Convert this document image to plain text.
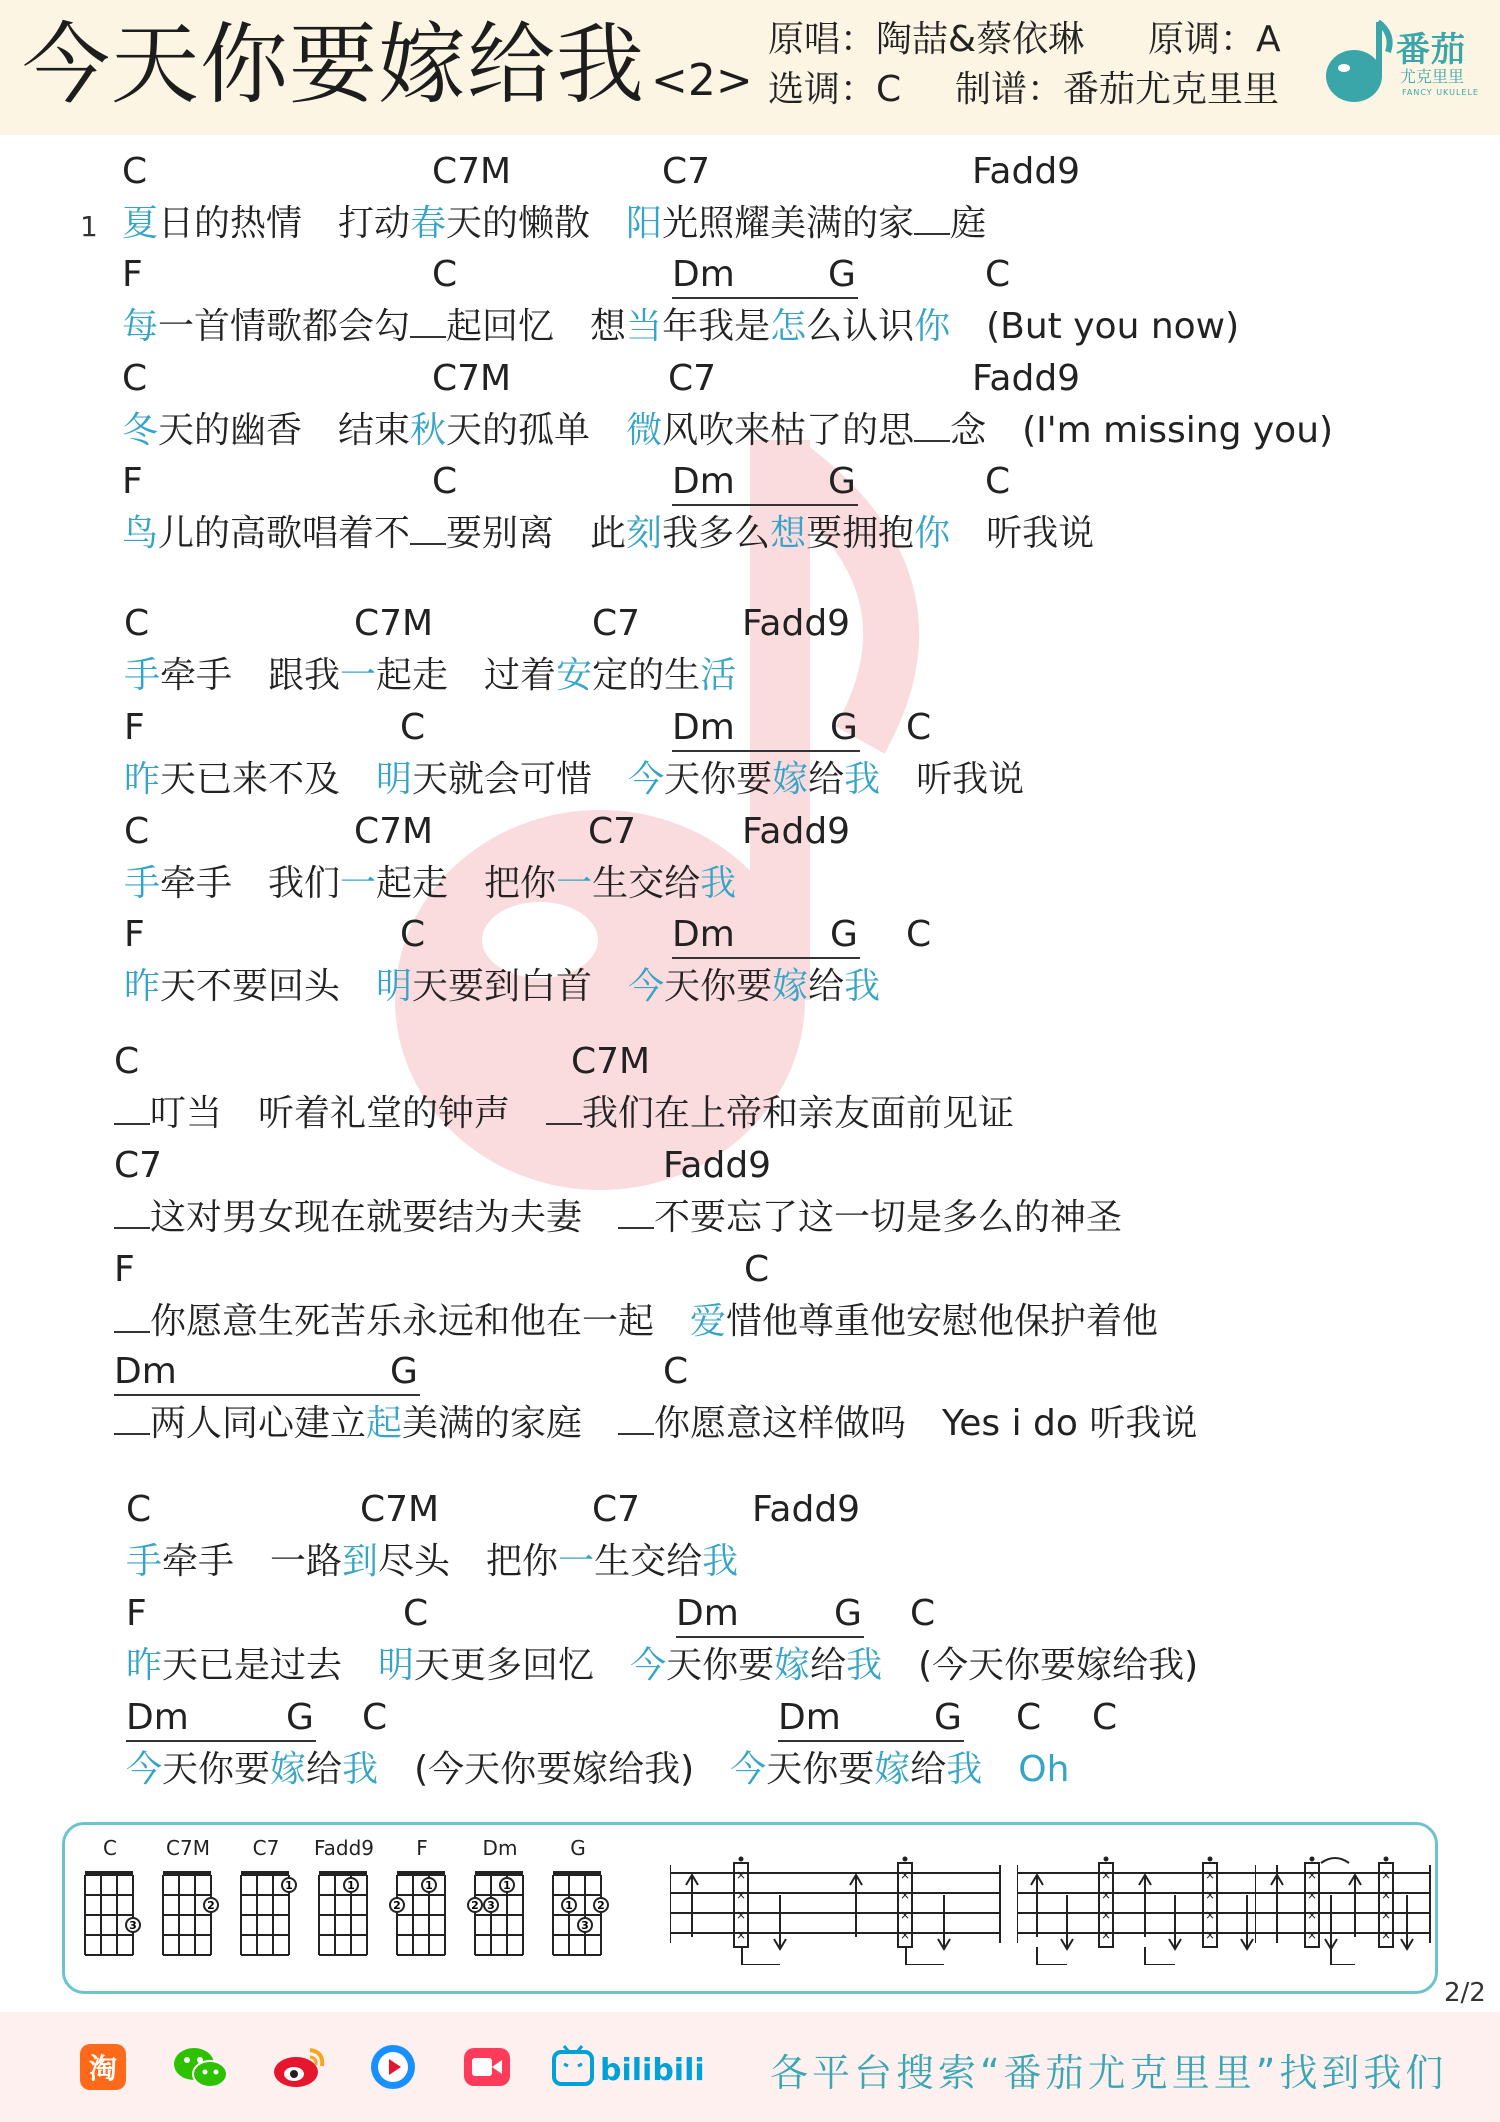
今天你要嫁给我 <2>
原唱：陶喆&蔡依琳 原调：A
选调：C 制谱：番茄尤克里里
番茄
尤克里里
FANCY UKULELE
1
C	C7M	C7	Fadd9
夏日的热情　打动春天的懒散　阳光照耀美满的家 庭
F	C	Dm	G	C
每一首情歌都会勾 起回忆　想当年我是怎么认识你　(But you now)
C	C7M	C7	Fadd9
冬天的幽香　结束秋天的孤单　微风吹来枯了的思 念　(I'm missing you)
F	C	Dm	G	C
鸟儿的高歌唱着不 要别离　此刻我多么想要拥抱你　听我说
C	C7M	C7	Fadd9
手牵手　跟我一起走　过着安定的生活
F	C	Dm	G C
昨天已来不及　明天就会可惜　今天你要嫁给我　听我说
C	C7M	C7	Fadd9
手牵手　我们一起走　把你一生交给我
F	C	Dm	G C
昨天不要回头　明天要到白首　今天你要嫁给我
C	C7M
叮当　听着礼堂的钟声　我们在上帝和亲友面前见证
C7	Fadd9
这对男女现在就要结为夫妻　不要忘了这一切是多么的神圣
F	C
你愿意生死苦乐永远和他在一起　爱惜他尊重他安慰他保护着他
Dm	G	C
两人同心建立起美满的家庭　你愿意这样做吗　Yes i do 听我说
C	C7M	C7	Fadd9
手牵手　一路到尽头　把你一生交给我
F	C	Dm	G C
昨天已是过去　明天更多回忆　今天你要嫁给我　(今天你要嫁给我)
Dm	G C	Dm	G C C
今天你要嫁给我　(今天你要嫁给我)　今天你要嫁给我　 Oh
C
3
C7M
2
C7
1
Fadd9
1
F
2
1
Dm
2 3
1
G
1
3
2
×
×
×
×
×
×
×
×
×
×
×
×
×
×
×
×
×
×
×
×
×
×
×
×
2/2
淘	bilibili 各平台搜索“番茄尤克里里”找到我们
